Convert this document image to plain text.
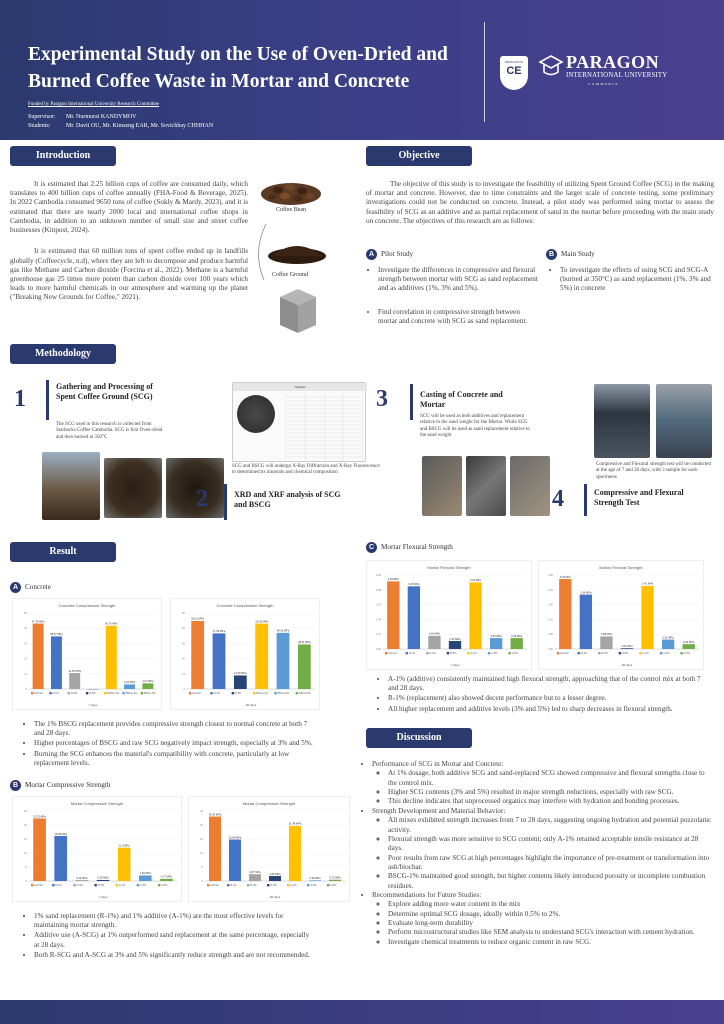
Experimental Study on the Use of Oven-Dried and Burned Coffee Waste in Mortar and Concrete
Funded by Paragon International University Research Committee
Supervisor: Mr. Nurmurat KANDYMOV
Students:	Mr. Davit OU, Mr. Kimseng EAR, Mr. Sovichhay CHHHAN
PARAGON.IU
CE	PARAGON
INTERNATIONAL UNIVERSITY
CAMBODIA
Introduction

It is estimated that 2.25 billion cups of coffee are consumed daily, which translates to 400 billion cups of coffee annually (FHA-Food & Beverage, 2025). In 2022 Cambodia consumed 9650 tons of coffee (Sokly & Mardy, 2023), and it is estimated that there are nearly 2000 local and international coffee shops in Cambodia, in addition to an unknown number of small size and street coffee businesses (Kinpost, 2024).

It is estimated that 60 million tons of spent coffee ended up in landfills globally (Coffeecycle, n.d), where they are left to decompose and produce harmful gas like Methane and Carbon dioxide (Forcina et al., 2022). Methane is a harmful greenhouse gas 25 times more potent than carbon dioxide over 100 years which leads to more harmful chemicals in our atmosphere and warming up the planet ("Breaking New Grounds for Coffee," 2021).

Coffee Bean
Coffee Ground
Objective

The objective of this study is to investigate the feasibility of utilizing Spent Ground Coffee (SCG) in the making of mortar and concrete. However, due to time constraints and the larger scale of concrete testing, some preliminary investigations could not be conducted on concrete. Instead, a pilot study was performed using mortar to assess the feasibility of SCG as an additive and as partial replacement of sand in the mortar before proceeding with the main study on concrete. The objectives of this research are as follows:

A Pilot Study
• Investigate the differences in compressive and flexural strength between mortar with SCG as sand replacement and as additives (1%, 3% and 5%).
• Find correlation in compressive strength between mortar and concrete with SCG as sand replacement.
B Main Study
• To investigate the effects of using SCG and SCG-A (burned at 350°C) as sand replacement (1%, 3% and 5%) in concrete
Methodology
1	Gathering and Processing of Spent Coffee Ground (SCG)
The SCG used in this research is collected from Starbucks Coffee Cambodia. SCG is first Oven-dried and then burned at 350°C
Sample
Coffee SCG
SCG and BSCG will undergo X-Ray Diffraction and X-Ray Fluorescence to determined its minerals and chemical composition
2	XRD and XRF analysis of SCG and BSCG
3	Casting of Concrete and Mortar
SCG will be used as both additives and replacement relative to the sand weight for the Mortar. While SCG and BSCG will be used as sand replacement relative to the sand weight
Compressive and Flexural strength test will be conducted at the age of 7 and 28 days, with 3 sample for each specimens
4	Compressive and Flexural Strength Test
Result
A Concrete
Concrete Compressive Strength
0
11
22
33
44
55
47.35 MPa
38.07 MPa
11.55 MPa
45.75 MPa
3.32 MPa	4.07 MPa
Normal	R-1%	R-3%	R-5%	BSCG-1%	BSCG-3%	BSCG-5%
7 days
Concrete Compressive Strength
0
13
26
39
52
65
58.21 MPa
47.56 MPa
11.59 MPa
55.95 MPa
48.03 MPa
38.11 MPa
Normal	R-1%	R-3%	BSCG-1%	BSCG-3%	BSCG-5%
28 days
• The 1% BSCG replacement provides compressive strength closest to normal concrete at both 7 and 28 days.
• Higher percentages of BSCG and raw SCG negatively impact strength, especially at 3% and 5%.
• Burning the SCG enhances the material's compatibility with concrete, particularly at low replacement levels.
B Mortar Compressive Strength
Mortar Compressive Strength
0
5
10
15
20
25
22.33 MPa
16.08 MPa
0.34 MPa	0.38 MPa
11.9 MPa
1.99 MPa
0.77 MPa
Normal	R-1%	R-3%	R-5%	A-1%	A-3%	A-5%
7 days
Mortar Compressive Strength
0
8
16
24
32
40
36.83 MPa
23.69 MPa
3.87 MPa
2.86 MPa
31.48 MPa
0.38 MPa	0.73 MPa
Normal	R-1%	R-3%	R-5%	A-1%	A-3%	A-5%
28 days
• 1% sand replacement (R-1%) and 1% additive (A-1%) are the most effective levels for maintaining mortar strength.
• Additive use (A-SCG) at 1% outperformed sand replacement at the same percentage, especially at 28 days.
• Both R-SCG and A-SCG at 3% and 5% significantly reduce strength and are not recommended.
C Mortar Flexural Strength
Mortar Flexural Strength
0.00
0.72
1.44
2.16
2.88
3.60
3.29 MPa
3.05 MPa
0.64 MPa
0.39 MPa
3.24 MPa
0.53 MPa	0.53 MPa
Normal	R-1%	R-3%	R-5%	A-1%	A-3%	A-5%
7 days
Mortar Flexural Strength
0.00
0.80
1.60
2.40
3.20
4.00
3.78 MPa
2.94 MPa
0.68 MPa
0.04 MPa
3.41 MPa
0.51 MPa
0.26 MPa
Normal	R-1%	R-3%	R-5%	A-1%	A-3%	A-5%
28 days
• A-1% (additive) consistently maintained high flexural strength, approaching that of the control mix at both 7 and 28 days.
• R-1% (replacement) also showed decent performance but to a lesser degree.
• All higher replacement and additive levels (3% and 5%) led to sharp decreases in flexural strength.
Discussion
• Performance of SCG in Mortar and Concrete:
◦ At 1% dosage, both additive SCG and sand-replaced SCG showed compressive and flexural strengths close to the control mix.
◦ Higher SCG contents (3% and 5%) resulted in major strength reductions, especially with raw SCG.
◦ This decline indicates that unprocessed organics may interfere with hydration and bonding processes.
• Strength Development and Material Behavior:
◦ All mixes exhibited strength increases from 7 to 28 days, suggesting ongoing hydration and potential pozzolanic activity.
◦ Flexural strength was more sensitive to SCG content; only A-1% retained acceptable tensile resistance at 28 days.
◦ Poor results from raw SCG at high percentages highlight the importance of pre-treatment or transformation into ash/biochar.
◦ BSCG-1% maintained good strength, but higher contents likely introduced porosity or incomplete combustion residues.
• Recommendations for Future Studies:
◦ Explore adding more water content in the mix
◦ Determine optimal SCG dosage, ideally within 0.5% to 2%.
◦ Evaluate long-term durability
◦ Perform microstructural studies like SEM analysis to understand SCG's interaction with cement hydration.
◦ Investigate chemical treatments to reduce organic content in raw SCG.
